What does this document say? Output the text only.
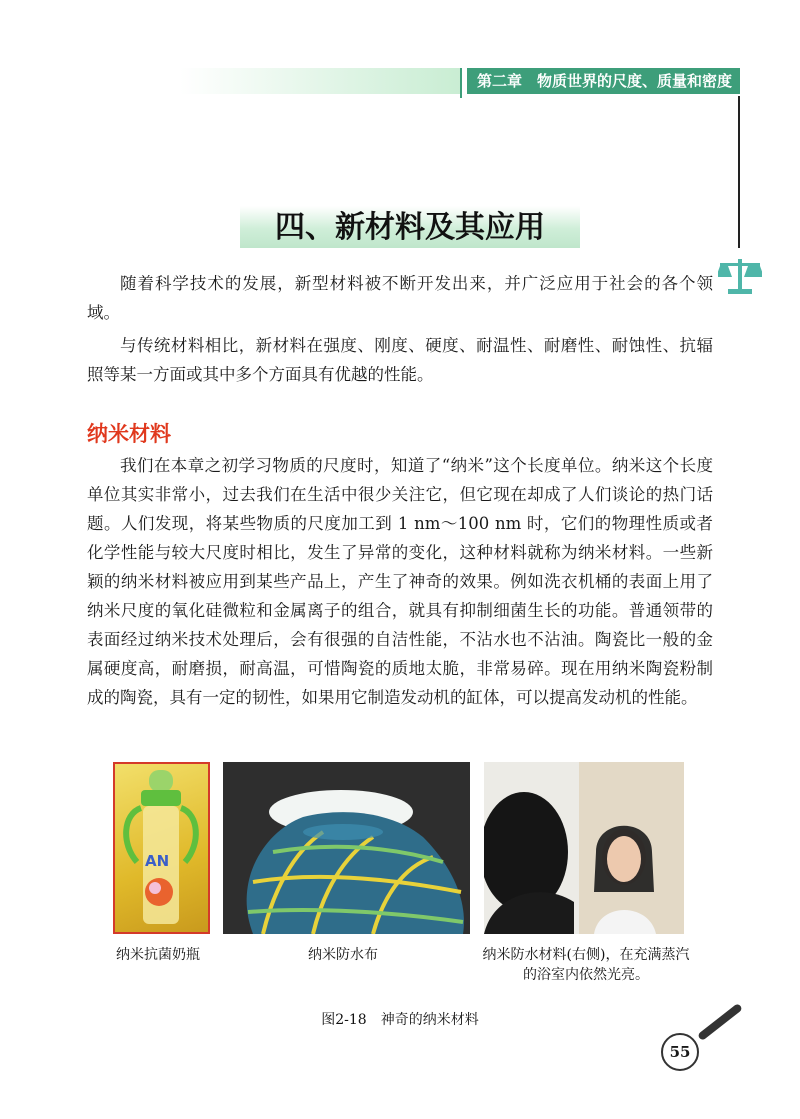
第二章　物质世界的尺度、质量和密度
四、新材料及其应用

随着科学技术的发展，新型材料被不断开发出来，并广泛应用于社会的各个领域。

与传统材料相比，新材料在强度、刚度、硬度、耐温性、耐磨性、耐蚀性、抗辐照等某一方面或其中多个方面具有优越的性能。

纳米材料

我们在本章之初学习物质的尺度时，知道了“纳米”这个长度单位。纳米这个长度单位其实非常小，过去我们在生活中很少关注它，但它现在却成了人们谈论的热门话题。人们发现，将某些物质的尺度加工到 1 nm～100 nm 时，它们的物理性质或者化学性能与较大尺度时相比，发生了异常的变化，这种材料就称为纳米材料。一些新颖的纳米材料被应用到某些产品上，产生了神奇的效果。例如洗衣机桶的表面上用了纳米尺度的氧化硅微粒和金属离子的组合，就具有抑制细菌生长的功能。普通领带的表面经过纳米技术处理后，会有很强的自洁性能，不沾水也不沾油。陶瓷比一般的金属硬度高，耐磨损，耐高温，可惜陶瓷的质地太脆，非常易碎。现在用纳米陶瓷粉制成的陶瓷，具有一定的韧性，如果用它制造发动机的缸体，可以提高发动机的性能。

AN
纳米抗菌奶瓶	纳米防水布	纳米防水材料(右侧)，在充满蒸汽的浴室内依然光亮。
图2-18　神奇的纳米材料
55
